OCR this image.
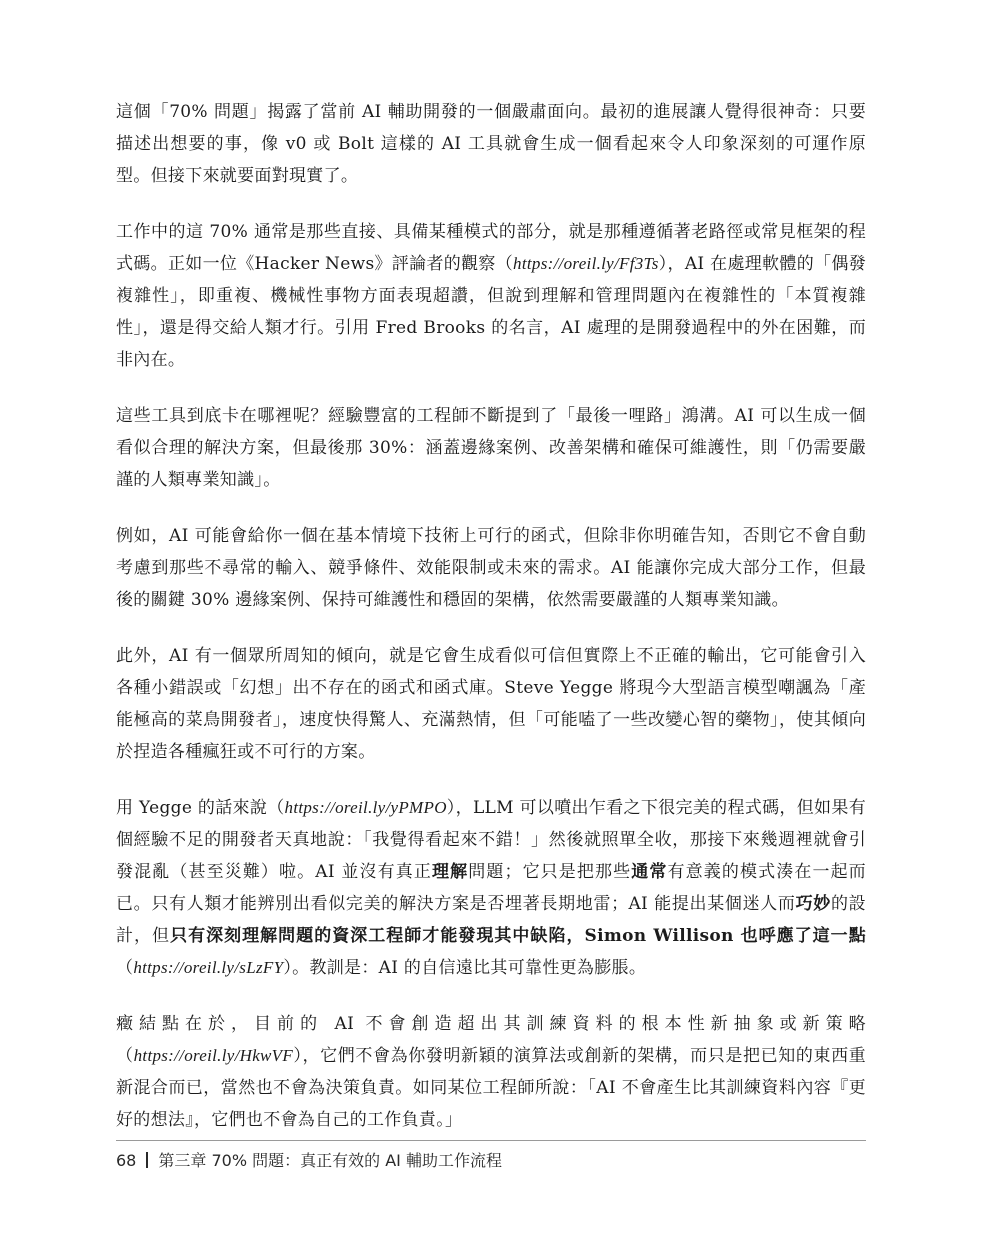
這個「70% 問題」揭露了當前 AI 輔助開發的一個嚴肅面向。最初的進展讓人覺得很神奇：只要描述出想要的事，像 v0 或 Bolt 這樣的 AI 工具就會生成一個看起來令人印象深刻的可運作原型。但接下來就要面對現實了。

工作中的這 70% 通常是那些直接、具備某種模式的部分，就是那種遵循著老路徑或常見框架的程式碼。正如一位《Hacker News》評論者的觀察（https://oreil.ly/Ff3Ts），AI 在處理軟體的「偶發複雜性」，即重複、機械性事物方面表現超讚，但說到理解和管理問題內在複雜性的「本質複雜性」，還是得交給人類才行。引用 Fred Brooks 的名言，AI 處理的是開發過程中的外在困難，而非內在。

這些工具到底卡在哪裡呢？經驗豐富的工程師不斷提到了「最後一哩路」鴻溝。AI 可以生成一個看似合理的解決方案，但最後那 30%：涵蓋邊緣案例、改善架構和確保可維護性，則「仍需要嚴謹的人類專業知識」。

例如，AI 可能會給你一個在基本情境下技術上可行的函式，但除非你明確告知，否則它不會自動考慮到那些不尋常的輸入、競爭條件、效能限制或未來的需求。AI 能讓你完成大部分工作，但最後的關鍵 30% 邊緣案例、保持可維護性和穩固的架構，依然需要嚴謹的人類專業知識。

此外，AI 有一個眾所周知的傾向，就是它會生成看似可信但實際上不正確的輸出，它可能會引入各種小錯誤或「幻想」出不存在的函式和函式庫。Steve Yegge 將現今大型語言模型嘲諷為「產能極高的菜鳥開發者」，速度快得驚人、充滿熱情，但「可能嗑了一些改變心智的藥物」，使其傾向於捏造各種瘋狂或不可行的方案。

用 Yegge 的話來說（https://oreil.ly/yPMPO），LLM 可以噴出乍看之下很完美的程式碼，但如果有個經驗不足的開發者天真地說：「我覺得看起來不錯！」然後就照單全收，那接下來幾週裡就會引發混亂（甚至災難）啦。AI 並沒有真正理解問題；它只是把那些通常有意義的模式湊在一起而已。只有人類才能辨別出看似完美的解決方案是否埋著長期地雷；AI 能提出某個迷人而巧妙的設計，但只有深刻理解問題的資深工程師才能發現其中缺陷，Simon Willison 也呼應了這一點（https://oreil.ly/sLzFY）。教訓是：AI 的自信遠比其可靠性更為膨脹。

癥結點在於，目前的 AI 不會創造超出其訓練資料的根本性新抽象或新策略（https://oreil.ly/HkwVF），它們不會為你發明新穎的演算法或創新的架構，而只是把已知的東西重新混合而已，當然也不會為決策負責。如同某位工程師所說：「AI 不會產生比其訓練資料內容『更好的想法』，它們也不會為自己的工作負責。」

68 第三章 70% 問題：真正有效的 AI 輔助工作流程
